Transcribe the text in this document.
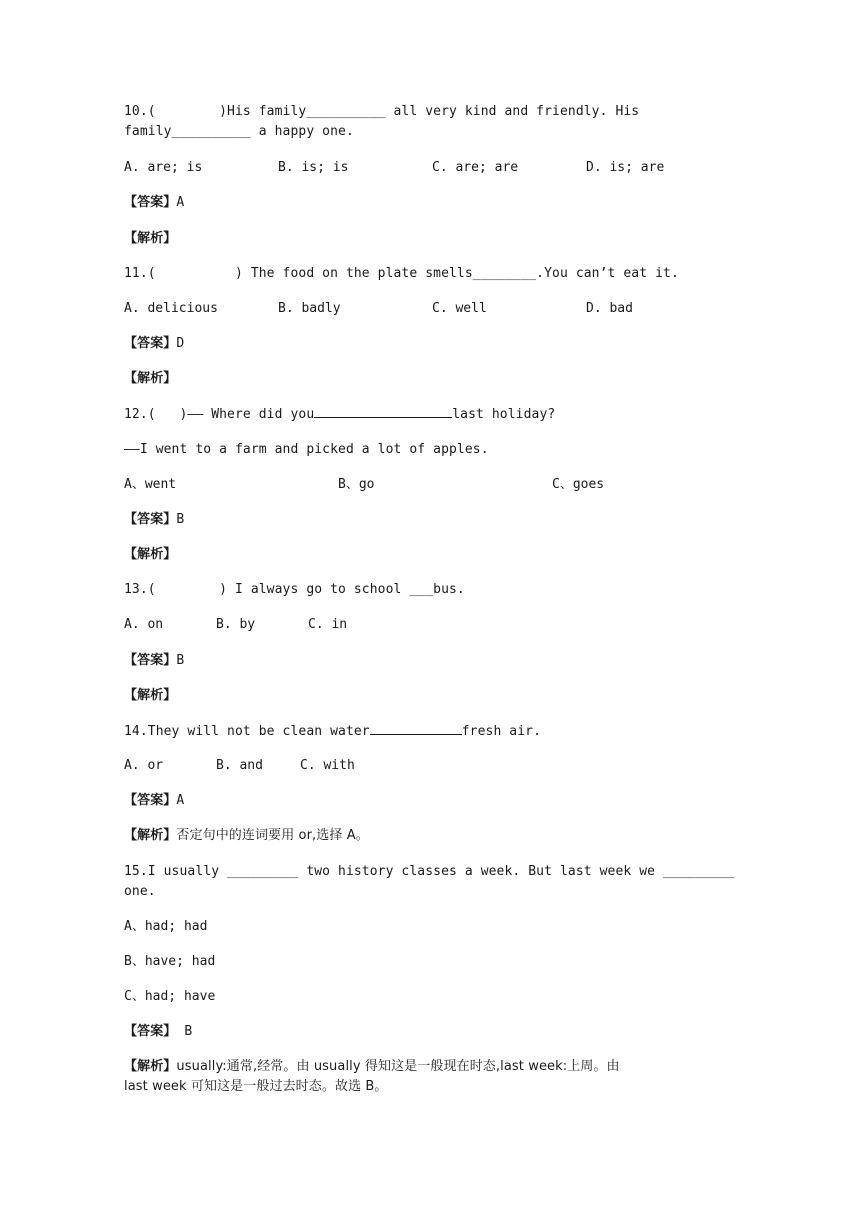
10.(        )His family__________ all very kind and friendly. His
family__________ a happy one.
A. are; is	B. is; is	C. are; are	D. is; are
【答案】A
【解析】
11.(          ) The food on the plate smells________.You can’t eat it.
A. delicious	B. badly	C. well	D. bad
【答案】D
【解析】
12.(   )—— Where did you	last holiday?
——I went to a farm and picked a lot of apples.
A、went	B、go	C、goes
【答案】B
【解析】
13.(        ) I always go to school ___bus.
A. on	B. by	C. in
【答案】B
【解析】
14.They will not be clean water	fresh air.
A. or	B. and	C. with
【答案】A
【解析】否定句中的连词要用 or,选择 A。
15.I usually _________ two history classes a week. But last week we _________
one.
A、had; had
B、have; had
C、had; have
【答案】 B
【解析】usually:通常,经常。由 usually 得知这是一般现在时态,last week:上周。由
last week 可知这是一般过去时态。故选 B。
